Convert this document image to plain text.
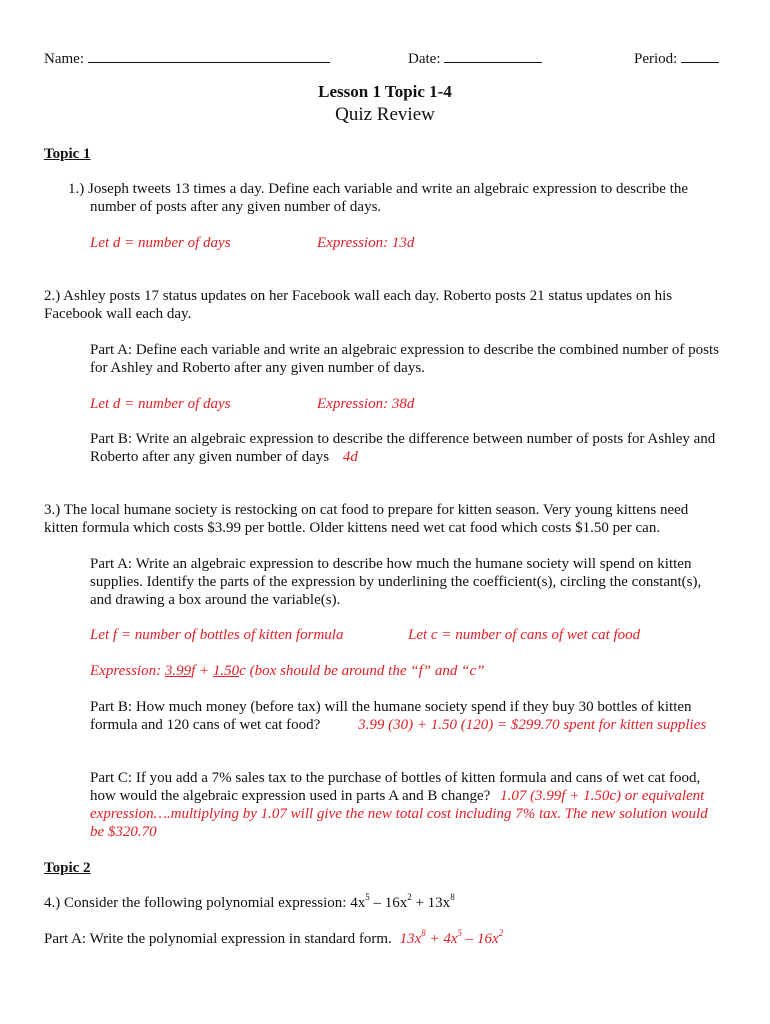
Name:	Date:	Period:
Lesson 1 Topic 1-4
Quiz Review
Topic 1
1.) Joseph tweets 13 times a day. Define each variable and write an algebraic expression to describe the
number of posts after any given number of days.
Let d = number of days	Expression: 13d
2.) Ashley posts 17 status updates on her Facebook wall each day. Roberto posts 21 status updates on his
Facebook wall each day.
Part A: Define each variable and write an algebraic expression to describe the combined number of posts
for Ashley and Roberto after any given number of days.
Let d = number of days	Expression: 38d
Part B: Write an algebraic expression to describe the difference between number of posts for Ashley and
Roberto after any given number of days 4d
3.) The local humane society is restocking on cat food to prepare for kitten season. Very young kittens need
kitten formula which costs $3.99 per bottle. Older kittens need wet cat food which costs $1.50 per can.
Part A: Write an algebraic expression to describe how much the humane society will spend on kitten
supplies. Identify the parts of the expression by underlining the coefficient(s), circling the constant(s),
and drawing a box around the variable(s).
Let f = number of bottles of kitten formula	Let c = number of cans of wet cat food
Expression: 3.99f + 1.50c (box should be around the “f” and “c”
Part B: How much money (before tax) will the humane society spend if they buy 30 bottles of kitten
formula and 120 cans of wet cat food?	3.99 (30) + 1.50 (120) = $299.70 spent for kitten supplies
Part C: If you add a 7% sales tax to the purchase of bottles of kitten formula and cans of wet cat food,
how would the algebraic expression used in parts A and B change? 1.07 (3.99f + 1.50c) or equivalent
expression….multiplying by 1.07 will give the new total cost including 7% tax. The new solution would
be $320.70
Topic 2
4.) Consider the following polynomial expression: $4x^5 - 16x^2 + 13x^8$
Part A: Write the polynomial expression in standard form. $13x^8 + 4x^5 - 16x^2$
